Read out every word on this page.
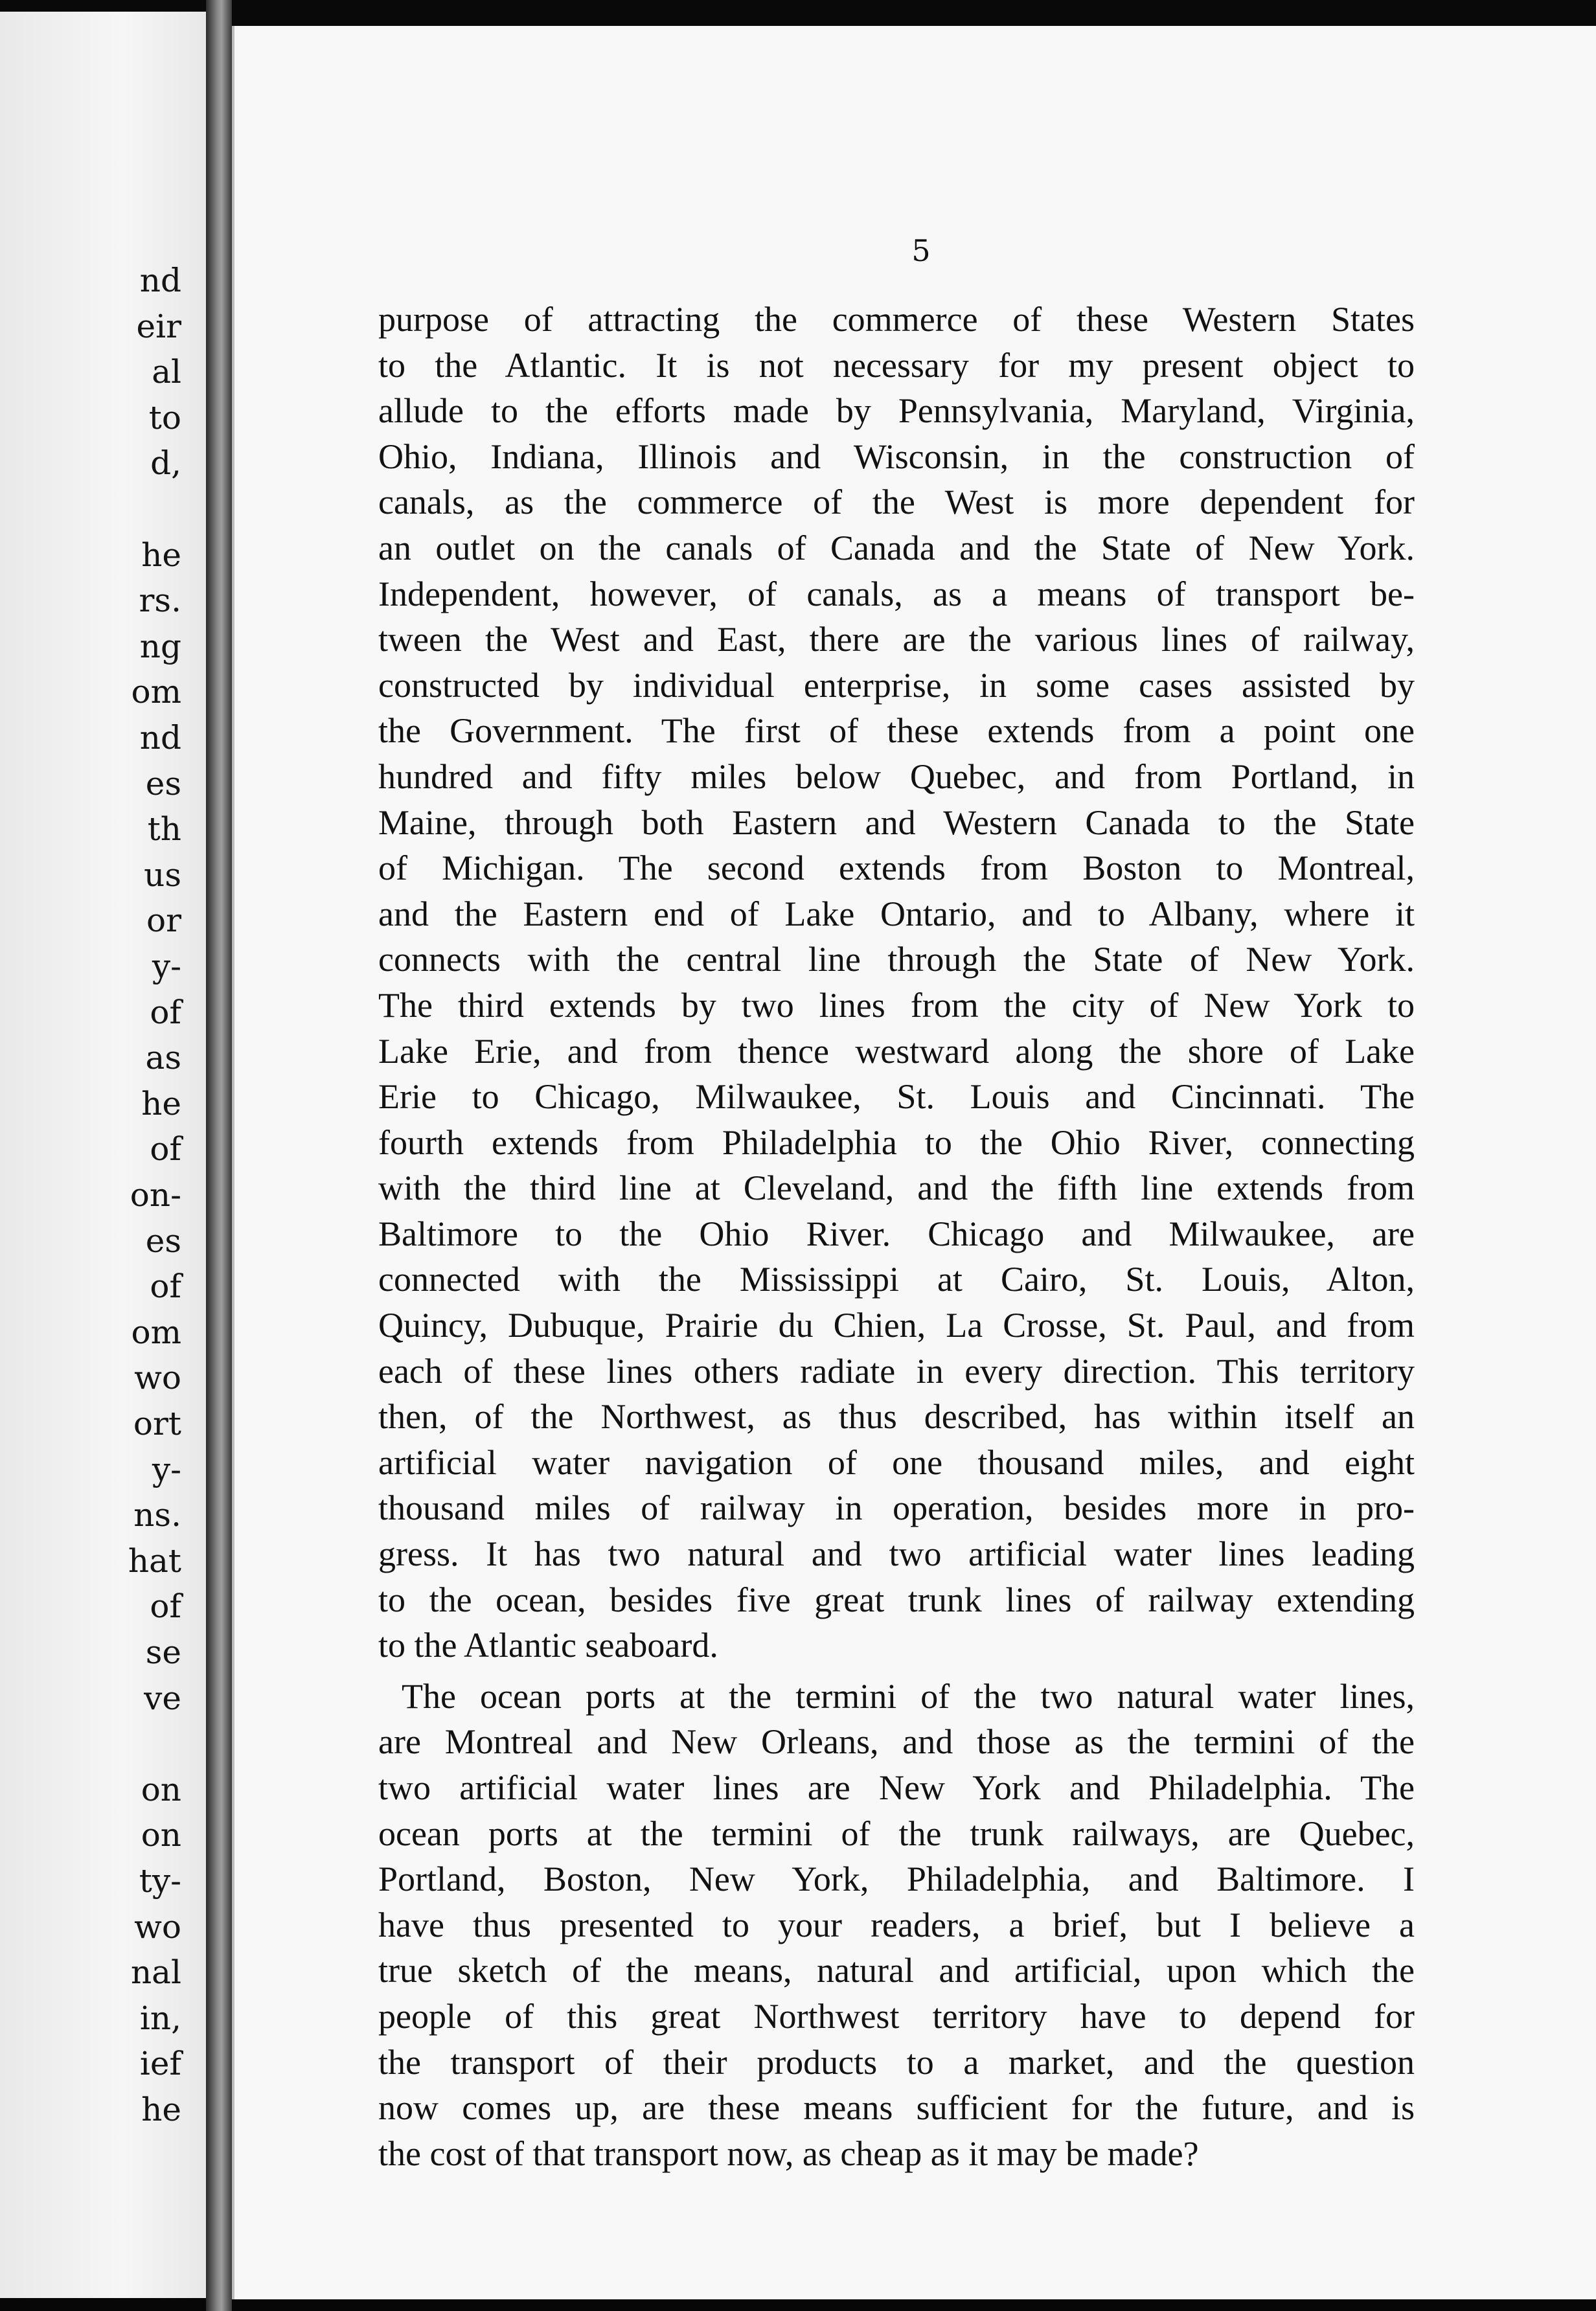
nd
eir
al
to
d,
he
rs.
ng
om
nd
es
th
us
or
y-
of
as
he
of
on-
es
of
om
wo
ort
y-
ns.
hat
of
se
ve
on
on
ty-
wo
nal
in,
ief
he
5
purpose of attracting the commerce of these Western States
to the Atlantic. It is not necessary for my present object to
allude to the efforts made by Pennsylvania, Maryland, Virginia,
Ohio, Indiana, Illinois and Wisconsin, in the construction of
canals, as the commerce of the West is more dependent for
an outlet on the canals of Canada and the State of New York.
Independent, however, of canals, as a means of transport be-
tween the West and East, there are the various lines of railway,
constructed by individual enterprise, in some cases assisted by
the Government. The first of these extends from a point one
hundred and fifty miles below Quebec, and from Portland, in
Maine, through both Eastern and Western Canada to the State
of Michigan. The second extends from Boston to Montreal,
and the Eastern end of Lake Ontario, and to Albany, where it
connects with the central line through the State of New York.
The third extends by two lines from the city of New York to
Lake Erie, and from thence westward along the shore of Lake
Erie to Chicago, Milwaukee, St. Louis and Cincinnati. The
fourth extends from Philadelphia to the Ohio River, connecting
with the third line at Cleveland, and the fifth line extends from
Baltimore to the Ohio River. Chicago and Milwaukee, are
connected with the Mississippi at Cairo, St. Louis, Alton,
Quincy, Dubuque, Prairie du Chien, La Crosse, St. Paul, and from
each of these lines others radiate in every direction. This territory
then, of the Northwest, as thus described, has within itself an
artificial water navigation of one thousand miles, and eight
thousand miles of railway in operation, besides more in pro-
gress. It has two natural and two artificial water lines leading
to the ocean, besides five great trunk lines of railway extending
to the Atlantic seaboard.
The ocean ports at the termini of the two natural water lines,
are Montreal and New Orleans, and those as the termini of the
two artificial water lines are New York and Philadelphia. The
ocean ports at the termini of the trunk railways, are Quebec,
Portland, Boston, New York, Philadelphia, and Baltimore. I
have thus presented to your readers, a brief, but I believe a
true sketch of the means, natural and artificial, upon which the
people of this great Northwest territory have to depend for
the transport of their products to a market, and the question
now comes up, are these means sufficient for the future, and is
the cost of that transport now, as cheap as it may be made?
